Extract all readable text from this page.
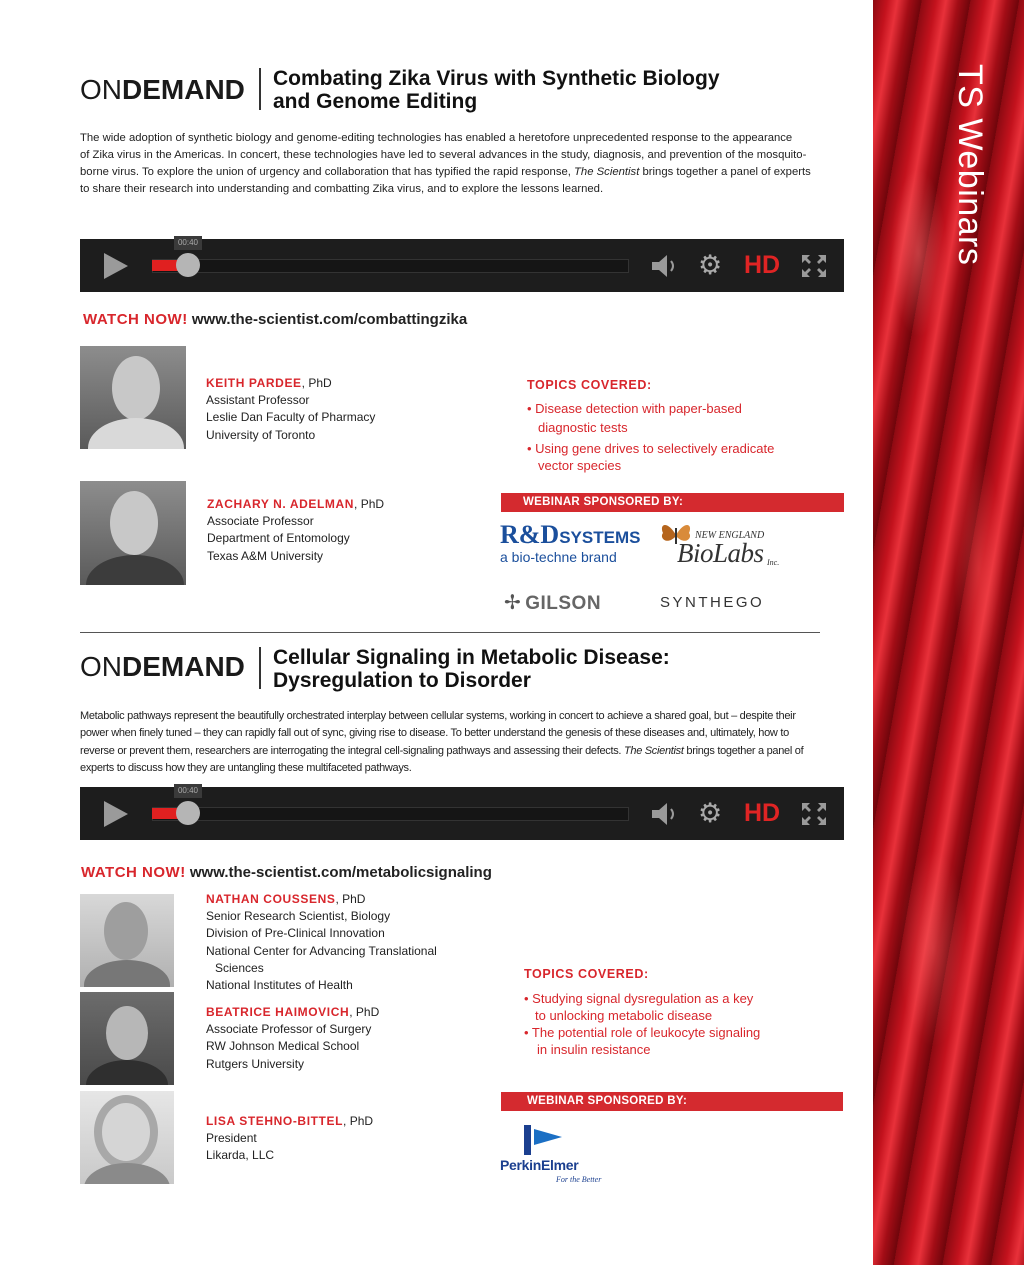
TS Webinars
ONDEMAND Combating Zika Virus with Synthetic Biology
and Genome Editing
The wide adoption of synthetic biology and genome-editing technologies has enabled a heretofore unprecedented response to the appearance
of Zika virus in the Americas. In concert, these technologies have led to several advances in the study, diagnosis, and prevention of the mosquito-
borne virus. To explore the union of urgency and collaboration that has typified the rapid response, The Scientist brings together a panel of experts
to share their research into understanding and combatting Zika virus, and to explore the lessons learned.
00:40
⚙ HD
WATCH NOW! www.the-scientist.com/combattingzika
KEITH PARDEE, PhD
Assistant Professor
Leslie Dan Faculty of Pharmacy
University of Toronto
ZACHARY N. ADELMAN, PhD
Associate Professor
Department of Entomology
Texas A&M University
TOPICS COVERED:
• Disease detection with paper-based
diagnostic tests
• Using gene drives to selectively eradicate
vector species
WEBINAR SPONSORED BY:
R&DSYSTEMS
a bio-techne brand
NEW ENGLAND
BioLabs Inc.
✢ GILSON	SYNTHEGO
ONDEMAND Cellular Signaling in Metabolic Disease:
Dysregulation to Disorder
Metabolic pathways represent the beautifully orchestrated interplay between cellular systems, working in concert to achieve a shared goal, but – despite their
power when finely tuned – they can rapidly fall out of sync, giving rise to disease. To better understand the genesis of these diseases and, ultimately, how to
reverse or prevent them, researchers are interrogating the integral cell-signaling pathways and assessing their defects. The Scientist brings together a panel of
experts to discuss how they are untangling these multifaceted pathways.
00:40
⚙ HD
WATCH NOW! www.the-scientist.com/metabolicsignaling
NATHAN COUSSENS, PhD
Senior Research Scientist, Biology
Division of Pre-Clinical Innovation
National Center for Advancing Translational
Sciences
National Institutes of Health
BEATRICE HAIMOVICH, PhD
Associate Professor of Surgery
RW Johnson Medical School
Rutgers University
LISA STEHNO-BITTEL, PhD
President
Likarda, LLC
TOPICS COVERED:
• Studying signal dysregulation as a key
to unlocking metabolic disease
• The potential role of leukocyte signaling
in insulin resistance
WEBINAR SPONSORED BY:
PerkinElmer
For the Better
